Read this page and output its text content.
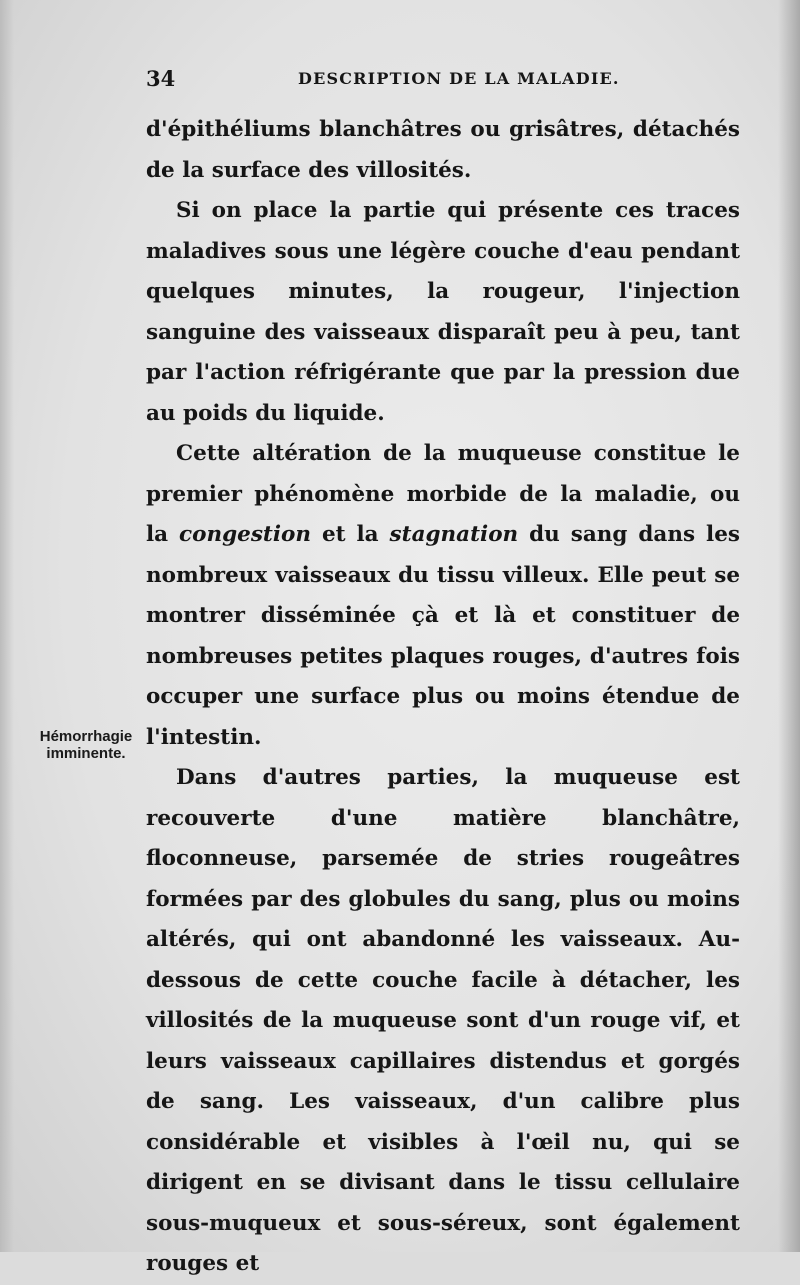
34	DESCRIPTION DE LA MALADIE.
Hémorrhagie
imminente.

d'épithéliums blanchâtres ou grisâtres, détachés de la surface des villosités.

Si on place la partie qui présente ces traces maladives sous une légère couche d'eau pendant quelques minutes, la rougeur, l'injection sanguine des vaisseaux disparaît peu à peu, tant par l'action réfrigérante que par la pression due au poids du liquide.

Cette altération de la muqueuse constitue le premier phénomène morbide de la maladie, ou la congestion et la stagnation du sang dans les nombreux vaisseaux du tissu villeux. Elle peut se montrer disséminée çà et là et constituer de nombreuses petites plaques rouges, d'autres fois occuper une surface plus ou moins étendue de l'intestin.

Dans d'autres parties, la muqueuse est recouverte d'une matière blanchâtre, floconneuse, parsemée de stries rougeâtres formées par des globules du sang, plus ou moins altérés, qui ont abandonné les vaisseaux. Au-dessous de cette couche facile à détacher, les villosités de la muqueuse sont d'un rouge vif, et leurs vaisseaux capillaires distendus et gorgés de sang. Les vaisseaux, d'un calibre plus considérable et visibles à l'œil nu, qui se dirigent en se divisant dans le tissu cellulaire sous-muqueux et sous-séreux, sont également rouges et
